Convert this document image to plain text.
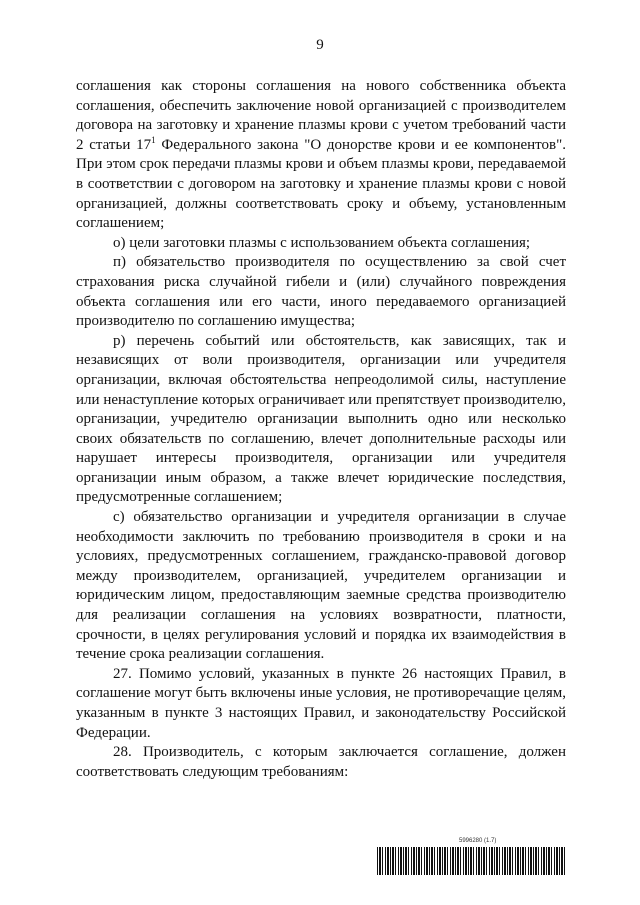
9

соглашения как стороны соглашения на нового собственника объекта соглашения, обеспечить заключение новой организацией с производителем договора на заготовку и хранение плазмы крови с учетом требований части 2 статьи $17^1$ Федерального закона "О донорстве крови и ее компонентов". При этом срок передачи плазмы крови и объем плазмы крови, передаваемой в соответствии с договором на заготовку и хранение плазмы крови с новой организацией, должны соответствовать сроку и объему, установленным соглашением;

о) цели заготовки плазмы с использованием объекта соглашения;

п) обязательство производителя по осуществлению за свой счет страхования риска случайной гибели и (или) случайного повреждения объекта соглашения или его части, иного передаваемого организацией производителю по соглашению имущества;

р) перечень событий или обстоятельств, как зависящих, так и независящих от воли производителя, организации или учредителя организации, включая обстоятельства непреодолимой силы, наступление или ненаступление которых ограничивает или препятствует производителю, организации, учредителю организации выполнить одно или несколько своих обязательств по соглашению, влечет дополнительные расходы или нарушает интересы производителя, организации или учредителя организации иным образом, а также влечет юридические последствия, предусмотренные соглашением;

с) обязательство организации и учредителя организации в случае необходимости заключить по требованию производителя в сроки и на условиях, предусмотренных соглашением, гражданско-правовой договор между производителем, организацией, учредителем организации и юридическим лицом, предоставляющим заемные средства производителю для реализации соглашения на условиях возвратности, платности, срочности, в целях регулирования условий и порядка их взаимодействия в течение срока реализации соглашения.

27. Помимо условий, указанных в пункте 26 настоящих Правил, в соглашение могут быть включены иные условия, не противоречащие целям, указанным в пункте 3 настоящих Правил, и законодательству Российской Федерации.

28. Производитель, с которым заключается соглашение, должен соответствовать следующим требованиям:

5996280 (1.7)
